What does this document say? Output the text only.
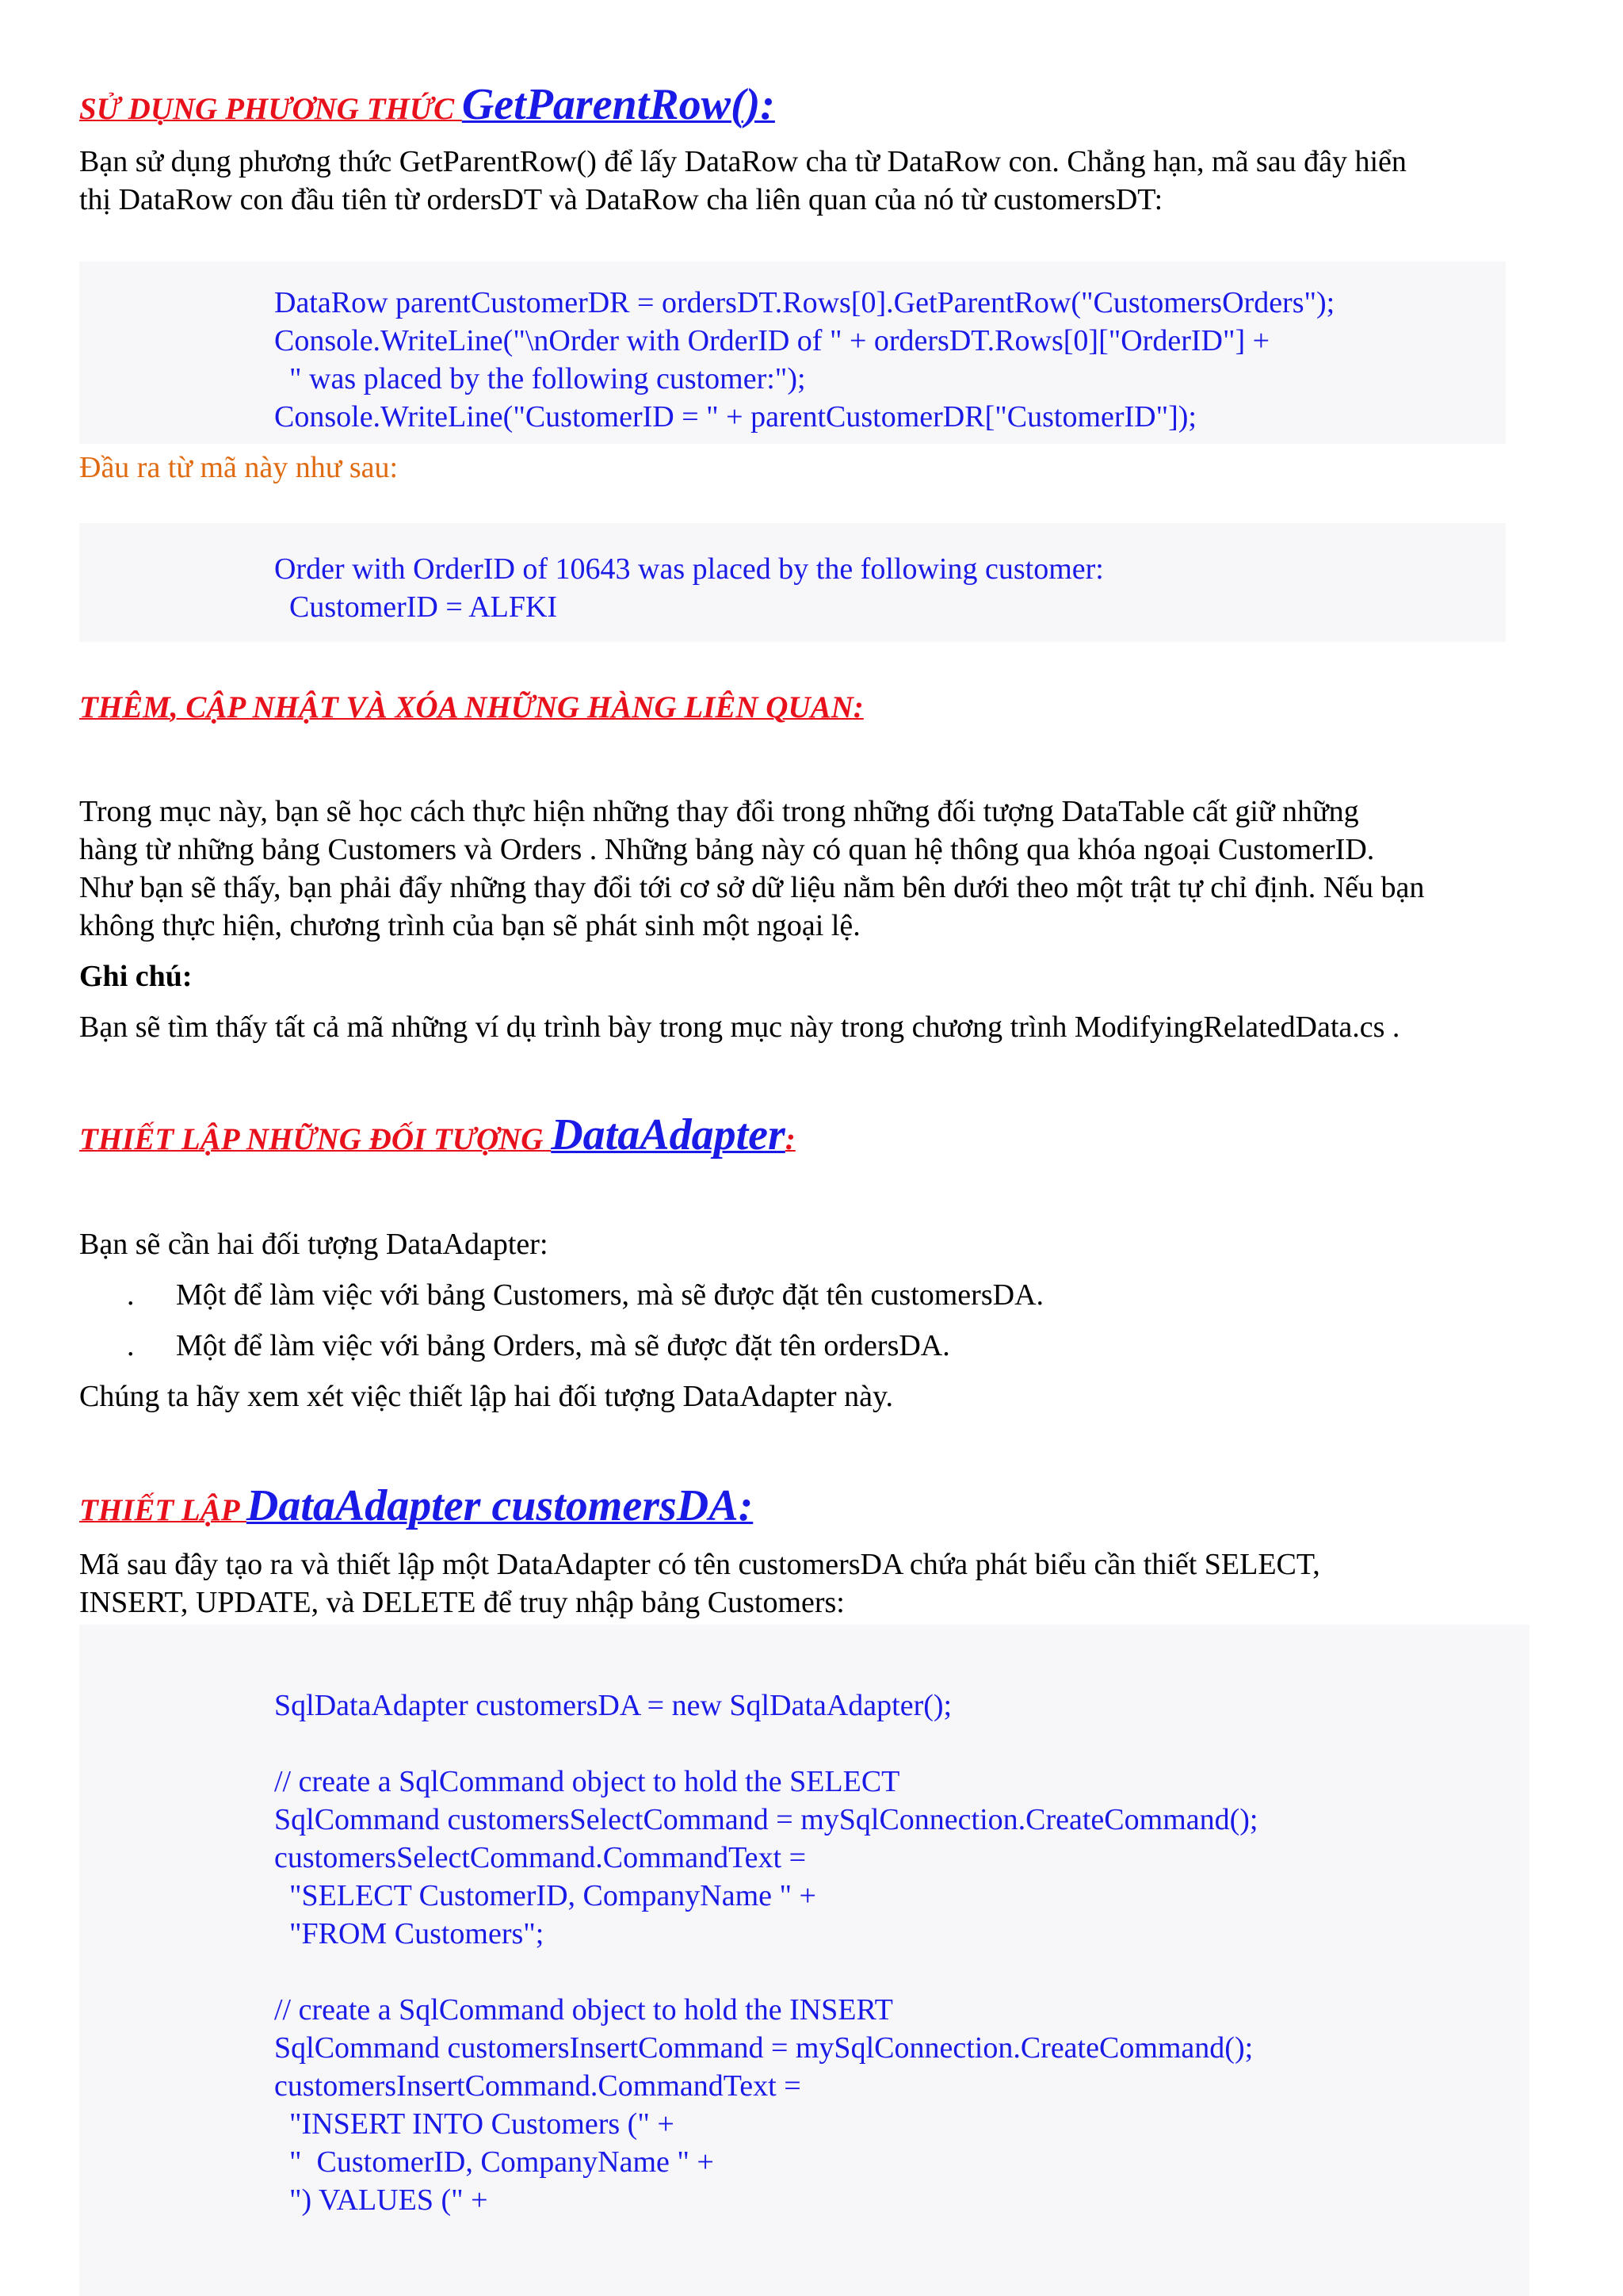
SỬ DỤNG PHƯƠNG THỨC GetParentRow():
Bạn sử dụng phương thức GetParentRow() để lấy DataRow cha từ DataRow con. Chẳng hạn, mã sau đây hiển
thị DataRow con đầu tiên từ ordersDT và DataRow cha liên quan của nó từ customersDT:
DataRow parentCustomerDR = ordersDT.Rows[0].GetParentRow("CustomersOrders");
Console.WriteLine("\nOrder with OrderID of " + ordersDT.Rows[0]["OrderID"] +
" was placed by the following customer:");
Console.WriteLine("CustomerID = " + parentCustomerDR["CustomerID"]);
Đầu ra từ mã này như sau:
Order with OrderID of 10643 was placed by the following customer:
CustomerID = ALFKI
THÊM, CẬP NHẬT VÀ XÓA NHỮNG HÀNG LIÊN QUAN:
Trong mục này, bạn sẽ học cách thực hiện những thay đổi trong những đối tượng DataTable cất giữ những
hàng từ những bảng Customers và Orders . Những bảng này có quan hệ thông qua khóa ngoại CustomerID.
Như bạn sẽ thấy, bạn phải đẩy những thay đổi tới cơ sở dữ liệu nằm bên dưới theo một trật tự chỉ định. Nếu bạn
không thực hiện, chương trình của bạn sẽ phát sinh một ngoại lệ.
Ghi chú:
Bạn sẽ tìm thấy tất cả mã những ví dụ trình bày trong mục này trong chương trình ModifyingRelatedData.cs .
THIẾT LẬP NHỮNG ĐỐI TƯỢNG DataAdapter:
Bạn sẽ cần hai đối tượng DataAdapter:
. Một để làm việc với bảng Customers, mà sẽ được đặt tên customersDA.
. Một để làm việc với bảng Orders, mà sẽ được đặt tên ordersDA.
Chúng ta hãy xem xét việc thiết lập hai đối tượng DataAdapter này.
THIẾT LẬP DataAdapter customersDA:
Mã sau đây tạo ra và thiết lập một DataAdapter có tên customersDA chứa phát biểu cần thiết SELECT,
INSERT, UPDATE, và DELETE để truy nhập bảng Customers:
SqlDataAdapter customersDA = new SqlDataAdapter();
// create a SqlCommand object to hold the SELECT
SqlCommand customersSelectCommand = mySqlConnection.CreateCommand();
customersSelectCommand.CommandText =
"SELECT CustomerID, CompanyName " +
"FROM Customers";
// create a SqlCommand object to hold the INSERT
SqlCommand customersInsertCommand = mySqlConnection.CreateCommand();
customersInsertCommand.CommandText =
"INSERT INTO Customers (" +
"  CustomerID, CompanyName " +
") VALUES (" +
